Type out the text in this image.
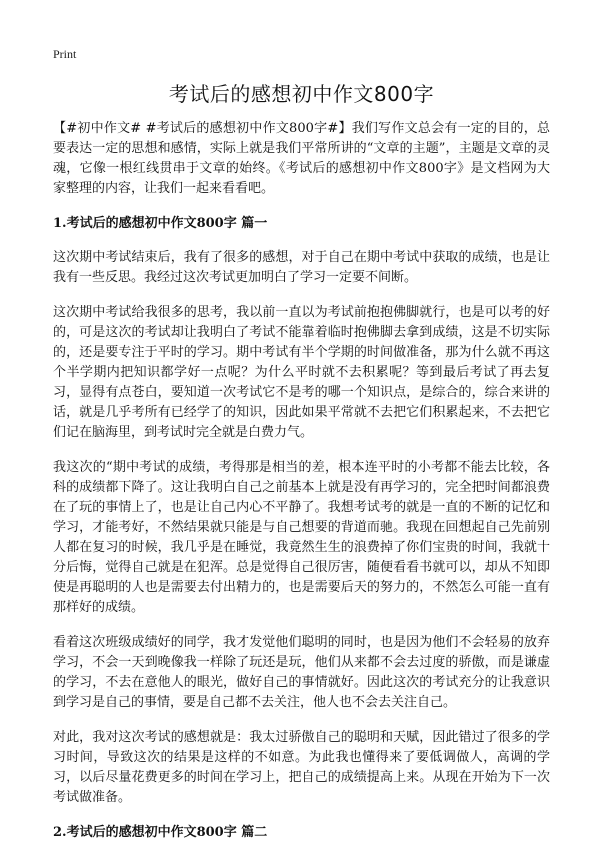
Print
考试后的感想初中作文800字

【#初中作文# #考试后的感想初中作文800字#】我们写作文总会有一定的目的，总要表达一定的思想和感情，实际上就是我们平常所讲的“文章的主题”，主题是文章的灵魂，它像一根红线贯串于文章的始终。《考试后的感想初中作文800字》是文档网为大家整理的内容，让我们一起来看看吧。

1.考试后的感想初中作文800字 篇一

这次期中考试结束后，我有了很多的感想，对于自己在期中考试中获取的成绩，也是让我有一些反思。我经过这次考试更加明白了学习一定要不间断。

这次期中考试给我很多的思考，我以前一直以为考试前抱抱佛脚就行，也是可以考的好的，可是这次的考试却让我明白了考试不能靠着临时抱佛脚去拿到成绩，这是不切实际的，还是要专注于平时的学习。期中考试有半个学期的时间做准备，那为什么就不再这个半学期内把知识都学好一点呢？为什么平时就不去积累呢？等到最后考试了再去复习，显得有点苍白，要知道一次考试它不是考的哪一个知识点，是综合的，综合来讲的话，就是几乎考所有已经学了的知识，因此如果平常就不去把它们积累起来，不去把它们记在脑海里，到考试时完全就是白费力气。

我这次的“期中考试的成绩，考得那是相当的差，根本连平时的小考都不能去比较，各科的成绩都下降了。这让我明白自己之前基本上就是没有再学习的，完全把时间都浪费在了玩的事情上了，也是让自己内心不平静了。我想考试考的就是一直的不断的记忆和学习，才能考好，不然结果就只能是与自己想要的背道而驰。我现在回想起自己先前别人都在复习的时候，我几乎是在睡觉，我竟然生生的浪费掉了你们宝贵的时间，我就十分后悔，觉得自己就是在犯浑。总是觉得自己很厉害，随便看看书就可以，却从不知即使是再聪明的人也是需要去付出精力的，也是需要后天的努力的，不然怎么可能一直有那样好的成绩。

看着这次班级成绩好的同学，我才发觉他们聪明的同时，也是因为他们不会轻易的放弃学习，不会一天到晚像我一样除了玩还是玩，他们从来都不会去过度的骄傲，而是谦虚的学习，不去在意他人的眼光，做好自己的事情就好。因此这次的考试充分的让我意识到学习是自己的事情，要是自己都不去关注，他人也不会去关注自己。

对此，我对这次考试的感想就是：我太过骄傲自己的聪明和天赋，因此错过了很多的学习时间，导致这次的结果是这样的不如意。为此我也懂得来了要低调做人，高调的学习，以后尽量花费更多的时间在学习上，把自己的成绩提高上来。从现在开始为下一次考试做准备。

2.考试后的感想初中作文800字 篇二
